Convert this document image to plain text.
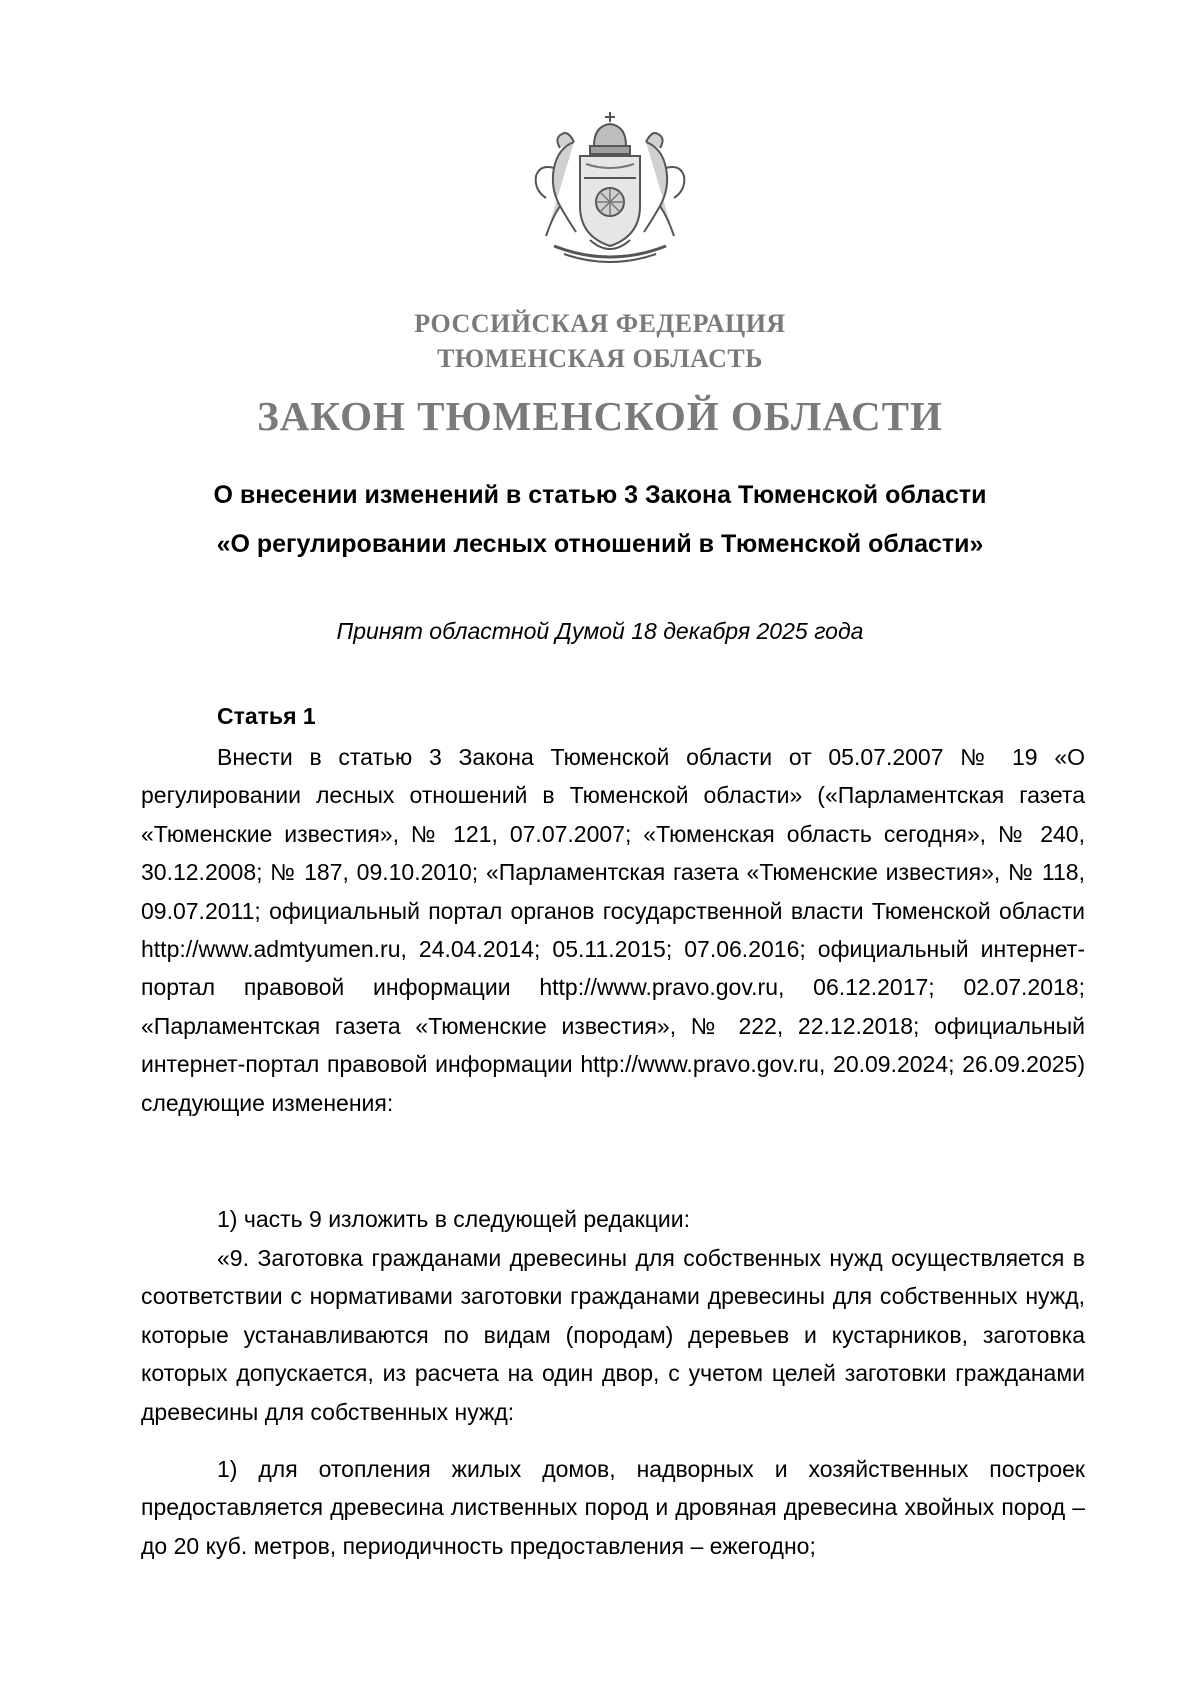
РОССИЙСКАЯ ФЕДЕРАЦИЯ
ТЮМЕНСКАЯ ОБЛАСТЬ
ЗАКОН ТЮМЕНСКОЙ ОБЛАСТИ
О внесении изменений в статью 3 Закона Тюменской области
«О регулировании лесных отношений в Тюменской области»
Принят областной Думой 18 декабря 2025 года
Статья 1
Внести в статью 3 Закона Тюменской области от 05.07.2007 № 19 «О регулировании лесных отношений в Тюменской области» («Парламентская газета «Тюменские известия», № 121, 07.07.2007; «Тюменская область сегодня», № 240, 30.12.2008; № 187, 09.10.2010; «Парламентская газета «Тюменские известия», № 118, 09.07.2011; официальный портал органов государственной власти Тюменской области http://www.admtyumen.ru, 24.04.2014; 05.11.2015; 07.06.2016; официальный интернет-портал правовой информации http://www.pravo.gov.ru, 06.12.2017; 02.07.2018; «Парламентская газета «Тюменские известия», № 222, 22.12.2018; официальный интернет-портал правовой информации http://www.pravo.gov.ru, 20.09.2024; 26.09.2025) следующие изменения:
1) часть 9 изложить в следующей редакции:
«9. Заготовка гражданами древесины для собственных нужд осуществляется в соответствии с нормативами заготовки гражданами древесины для собственных нужд, которые устанавливаются по видам (породам) деревьев и кустарников, заготовка которых допускается, из расчета на один двор, с учетом целей заготовки гражданами древесины для собственных нужд:
1) для отопления жилых домов, надворных и хозяйственных построек предоставляется древесина лиственных пород и дровяная древесина хвойных пород – до 20 куб. метров, периодичность предоставления – ежегодно;
